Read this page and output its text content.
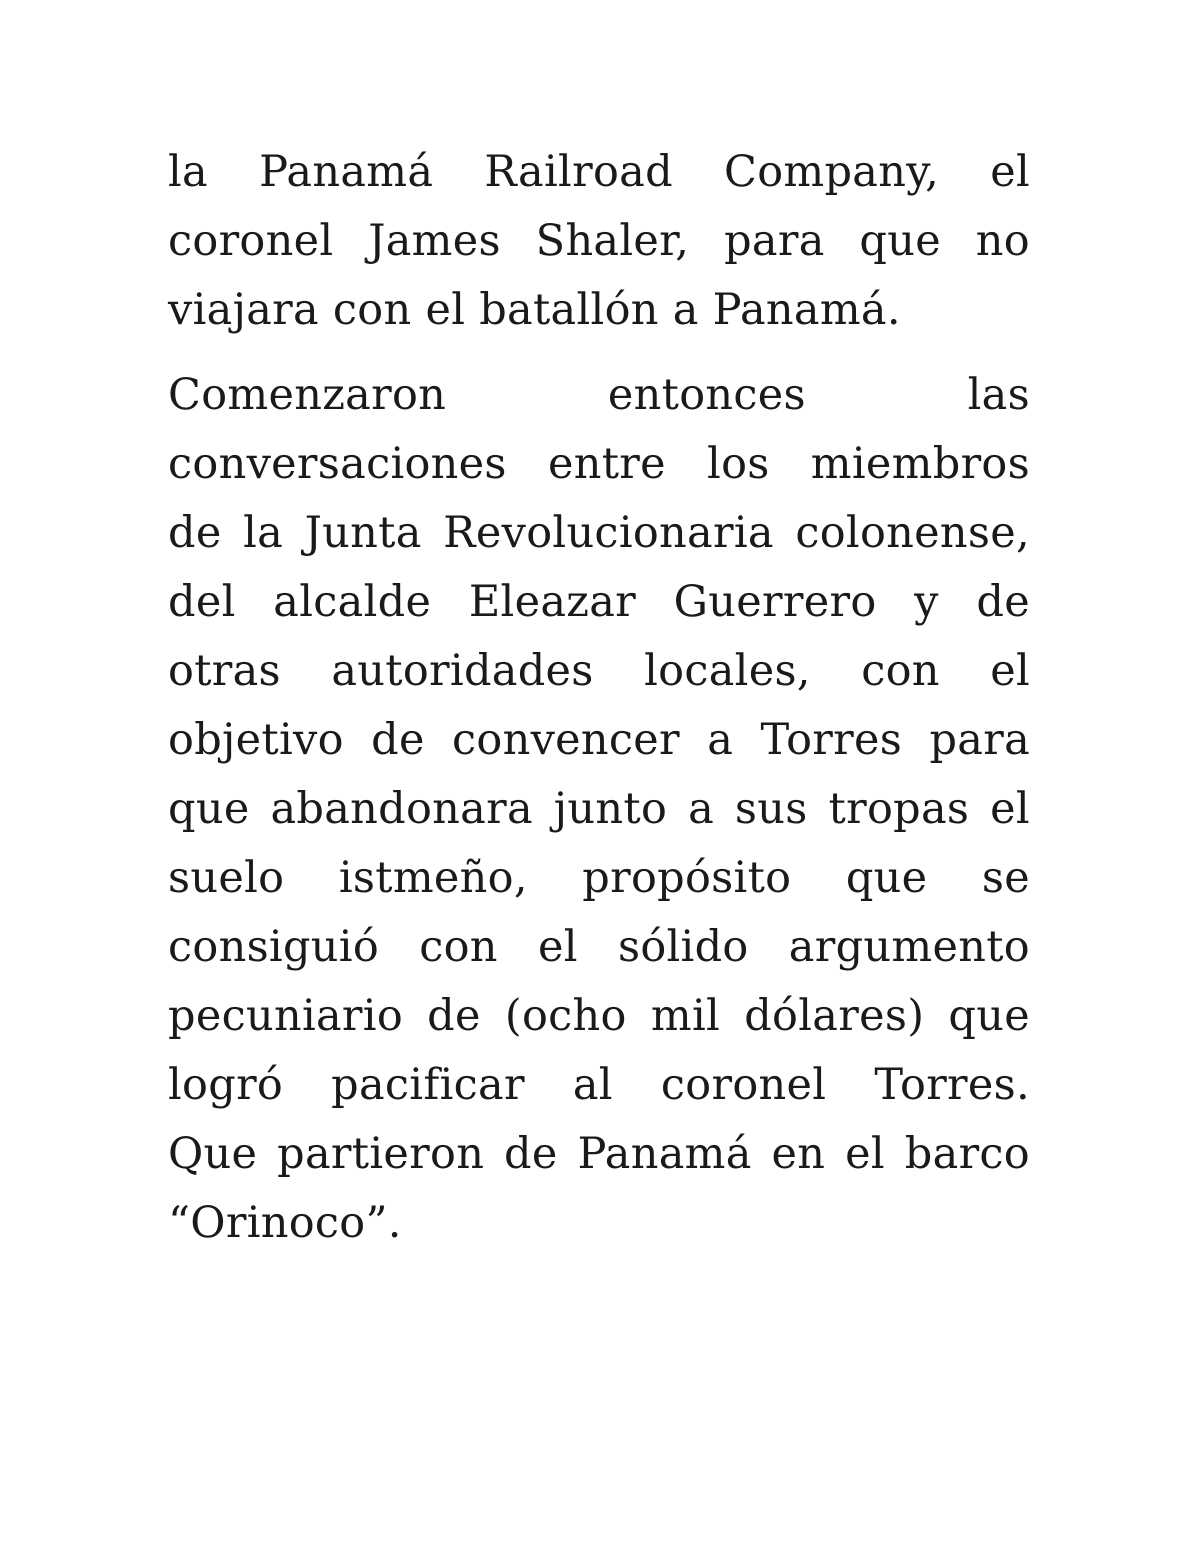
la Panamá Railroad Company, el
coronel James Shaler, para que no
viajara con el batallón a Panamá.
Comenzaron entonces las
conversaciones entre los miembros
de la Junta Revolucionaria colonense,
del alcalde Eleazar Guerrero y de
otras autoridades locales, con el
objetivo de convencer a Torres para
que abandonara junto a sus tropas el
suelo istmeño, propósito que se
consiguió con el sólido argumento
pecuniario de (ocho mil dólares) que
logró pacificar al coronel Torres.
Que partieron de Panamá en el barco
“Orinoco”.
